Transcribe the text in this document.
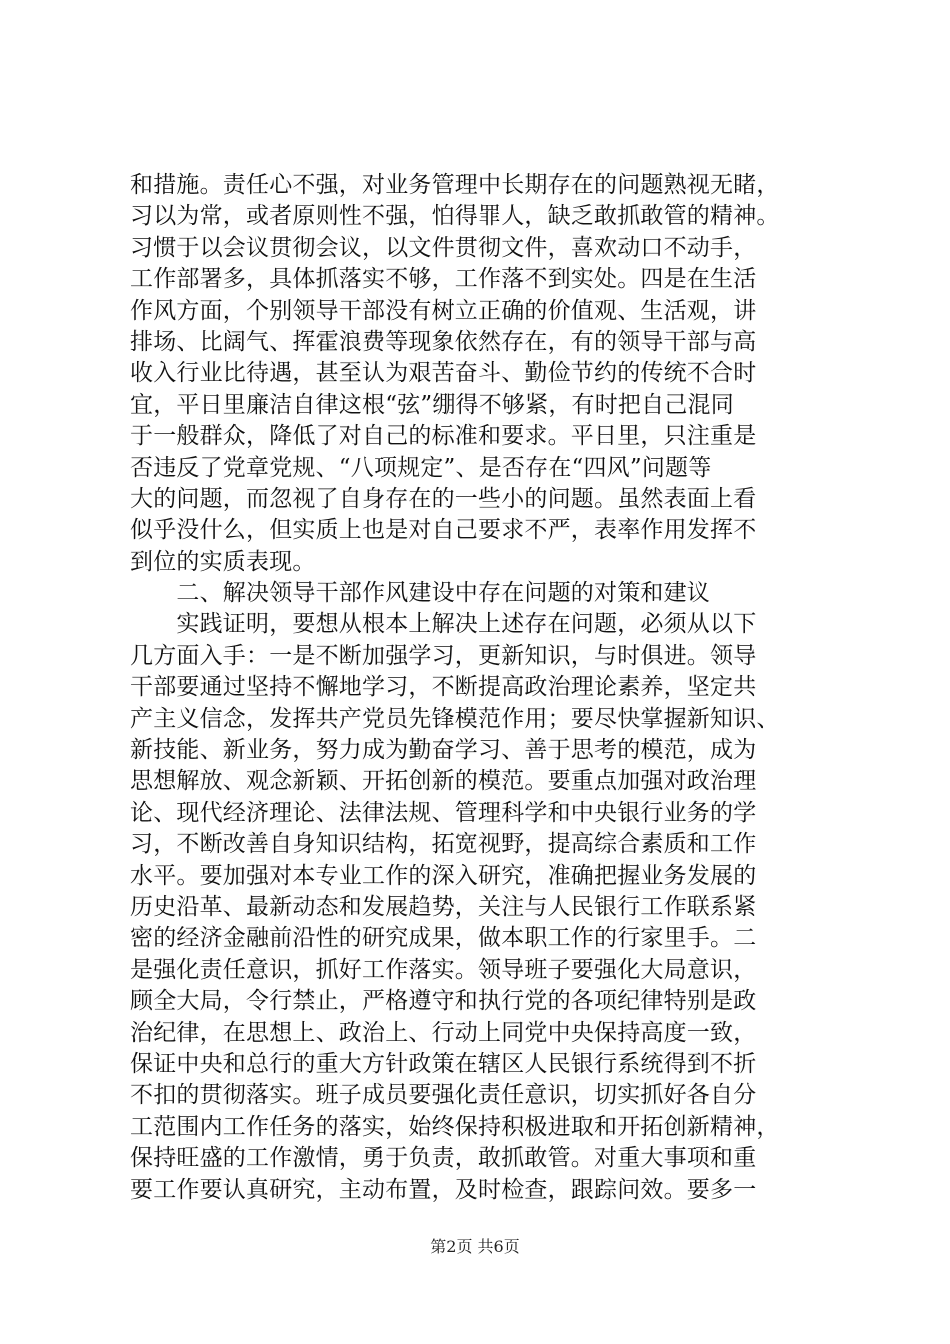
和措施。责任心不强，对业务管理中长期存在的问题熟视无睹，
习以为常，或者原则性不强，怕得罪人，缺乏敢抓敢管的精神。
习惯于以会议贯彻会议，以文件贯彻文件，喜欢动口不动手，
工作部署多，具体抓落实不够，工作落不到实处。四是在生活
作风方面，个别领导干部没有树立正确的价值观、生活观，讲
排场、比阔气、挥霍浪费等现象依然存在，有的领导干部与高
收入行业比待遇，甚至认为艰苦奋斗、勤俭节约的传统不合时
宜，平日里廉洁自律这根“弦”绷得不够紧，有时把自己混同
于一般群众，降低了对自己的标准和要求。平日里，只注重是
否违反了党章党规、“八项规定”、是否存在“四风”问题等
大的问题，而忽视了自身存在的一些小的问题。虽然表面上看
似乎没什么，但实质上也是对自己要求不严，表率作用发挥不
到位的实质表现。
　　二、解决领导干部作风建设中存在问题的对策和建议
　　实践证明，要想从根本上解决上述存在问题，必须从以下
几方面入手：一是不断加强学习，更新知识，与时俱进。领导
干部要通过坚持不懈地学习，不断提高政治理论素养，坚定共
产主义信念，发挥共产党员先锋模范作用；要尽快掌握新知识、
新技能、新业务，努力成为勤奋学习、善于思考的模范，成为
思想解放、观念新颖、开拓创新的模范。要重点加强对政治理
论、现代经济理论、法律法规、管理科学和中央银行业务的学
习，不断改善自身知识结构，拓宽视野，提高综合素质和工作
水平。要加强对本专业工作的深入研究，准确把握业务发展的
历史沿革、最新动态和发展趋势，关注与人民银行工作联系紧
密的经济金融前沿性的研究成果，做本职工作的行家里手。二
是强化责任意识，抓好工作落实。领导班子要强化大局意识，
顾全大局，令行禁止，严格遵守和执行党的各项纪律特别是政
治纪律，在思想上、政治上、行动上同党中央保持高度一致，
保证中央和总行的重大方针政策在辖区人民银行系统得到不折
不扣的贯彻落实。班子成员要强化责任意识，切实抓好各自分
工范围内工作任务的落实，始终保持积极进取和开拓创新精神，
保持旺盛的工作激情，勇于负责，敢抓敢管。对重大事项和重
要工作要认真研究，主动布置，及时检查，跟踪问效。要多一
第2页 共6页
